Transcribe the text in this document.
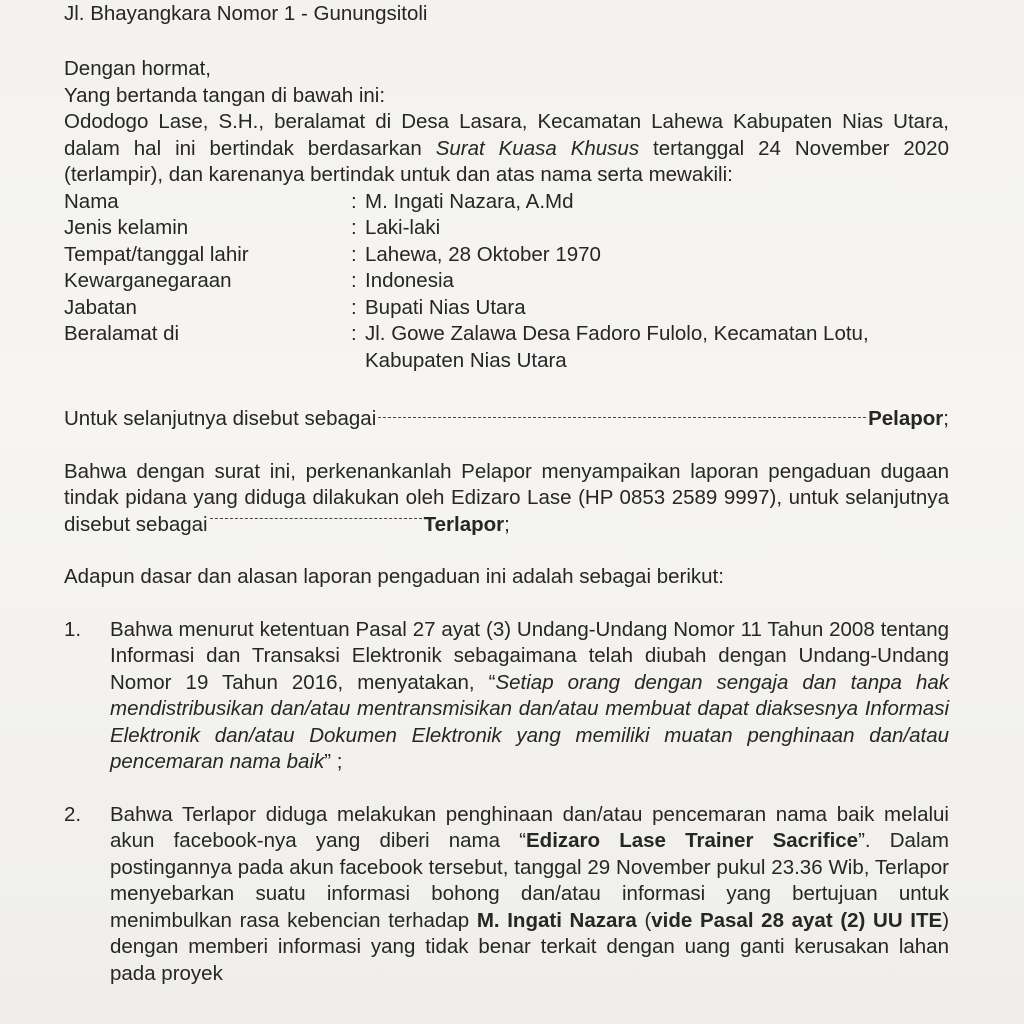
Jl. Bhayangkara Nomor 1 - Gunungsitoli

Dengan hormat,

Yang bertanda tangan di bawah ini:

Ododogo Lase, S.H., beralamat di Desa Lasara, Kecamatan Lahewa Kabupaten Nias Utara, dalam hal ini bertindak berdasarkan Surat Kuasa Khusus tertanggal 24 November 2020 (terlampir), dan karenanya bertindak untuk dan atas nama serta mewakili:

Nama	:	M. Ingati Nazara, A.Md
Jenis kelamin	:	Laki-laki
Tempat/tanggal lahir	:	Lahewa, 28 Oktober 1970
Kewarganegaraan	:	Indonesia
Jabatan	:	Bupati Nias Utara
Beralamat di	:	Jl. Gowe Zalawa Desa Fadoro Fulolo, Kecamatan Lotu, Kabupaten Nias Utara
Untuk selanjutnya disebut sebagai	Pelapor ;

Bahwa dengan surat ini, perkenankanlah Pelapor menyampaikan laporan pengaduan dugaan tindak pidana yang diduga dilakukan oleh Edizaro Lase (HP 0853 2589 9997), untuk selanjutnya disebut sebagai	Terlapor;

Adapun dasar dan alasan laporan pengaduan ini adalah sebagai berikut:

1.	Bahwa menurut ketentuan Pasal 27 ayat (3) Undang-Undang Nomor 11 Tahun 2008 tentang Informasi dan Transaksi Elektronik sebagaimana telah diubah dengan Undang-Undang Nomor 19 Tahun 2016, menyatakan, “Setiap orang dengan sengaja dan tanpa hak mendistribusikan dan/atau mentransmisikan dan/atau membuat dapat diaksesnya Informasi Elektronik dan/atau Dokumen Elektronik yang memiliki muatan penghinaan dan/atau pencemaran nama baik” ;

2.	Bahwa Terlapor diduga melakukan penghinaan dan/atau pencemaran nama baik melalui akun facebook-nya yang diberi nama “Edizaro Lase Trainer Sacrifice”. Dalam postingannya pada akun facebook tersebut, tanggal 29 November pukul 23.36 Wib, Terlapor menyebarkan suatu informasi bohong dan/atau informasi yang bertujuan untuk menimbulkan rasa kebencian terhadap M. Ingati Nazara (vide Pasal 28 ayat (2) UU ITE) dengan memberi informasi yang tidak benar terkait dengan uang ganti kerusakan lahan pada proyek
